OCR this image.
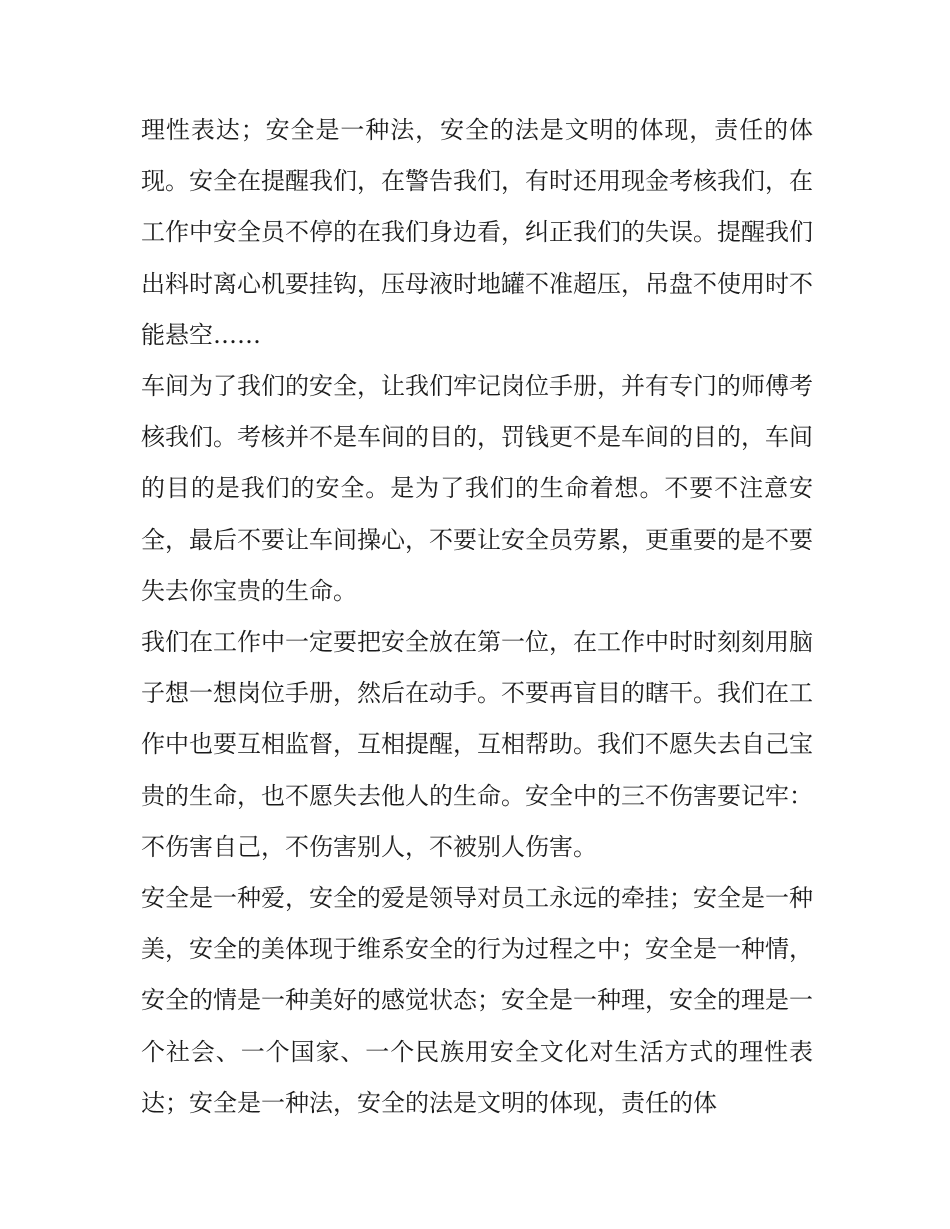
理性表达；安全是一种法，安全的法是文明的体现，责任的体现。安全在提醒我们，在警告我们，有时还用现金考核我们，在工作中安全员不停的在我们身边看，纠正我们的失误。提醒我们出料时离心机要挂钩，压母液时地罐不准超压，吊盘不使用时不能悬空……

车间为了我们的安全，让我们牢记岗位手册，并有专门的师傅考核我们。考核并不是车间的目的，罚钱更不是车间的目的，车间的目的是我们的安全。是为了我们的生命着想。不要不注意安全，最后不要让车间操心，不要让安全员劳累，更重要的是不要失去你宝贵的生命。

我们在工作中一定要把安全放在第一位，在工作中时时刻刻用脑子想一想岗位手册，然后在动手。不要再盲目的瞎干。我们在工作中也要互相监督，互相提醒，互相帮助。我们不愿失去自己宝贵的生命，也不愿失去他人的生命。安全中的三不伤害要记牢：不伤害自己，不伤害别人，不被别人伤害。

安全是一种爱，安全的爱是领导对员工永远的牵挂；安全是一种美，安全的美体现于维系安全的行为过程之中；安全是一种情，安全的情是一种美好的感觉状态；安全是一种理，安全的理是一个社会、一个国家、一个民族用安全文化对生活方式的理性表达；安全是一种法，安全的法是文明的体现，责任的体
